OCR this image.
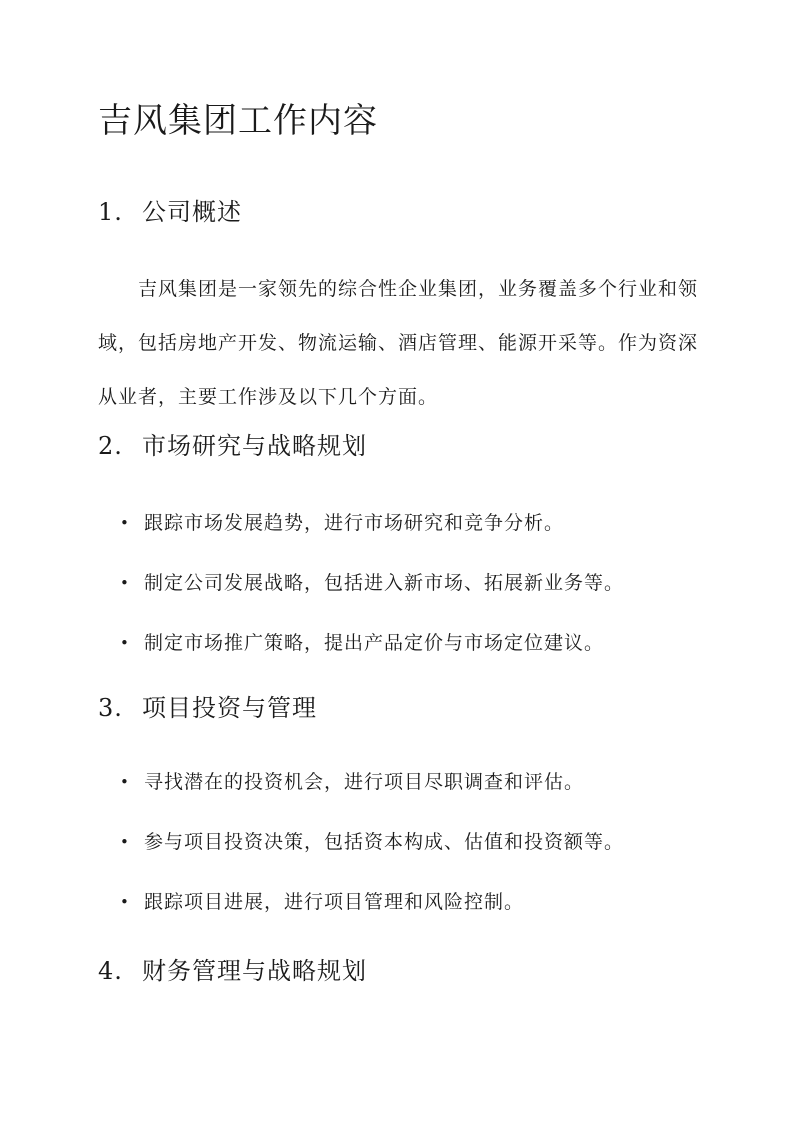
吉风集团工作内容
1. 公司概述

吉风集团是一家领先的综合性企业集团，业务覆盖多个行业和领域，包括房地产开发、物流运输、酒店管理、能源开采等。作为资深从业者，主要工作涉及以下几个方面。

2. 市场研究与战略规划
• 跟踪市场发展趋势，进行市场研究和竞争分析。
• 制定公司发展战略，包括进入新市场、拓展新业务等。
• 制定市场推广策略，提出产品定价与市场定位建议。
3. 项目投资与管理
• 寻找潜在的投资机会，进行项目尽职调查和评估。
• 参与项目投资决策，包括资本构成、估值和投资额等。
• 跟踪项目进展，进行项目管理和风险控制。
4. 财务管理与战略规划
